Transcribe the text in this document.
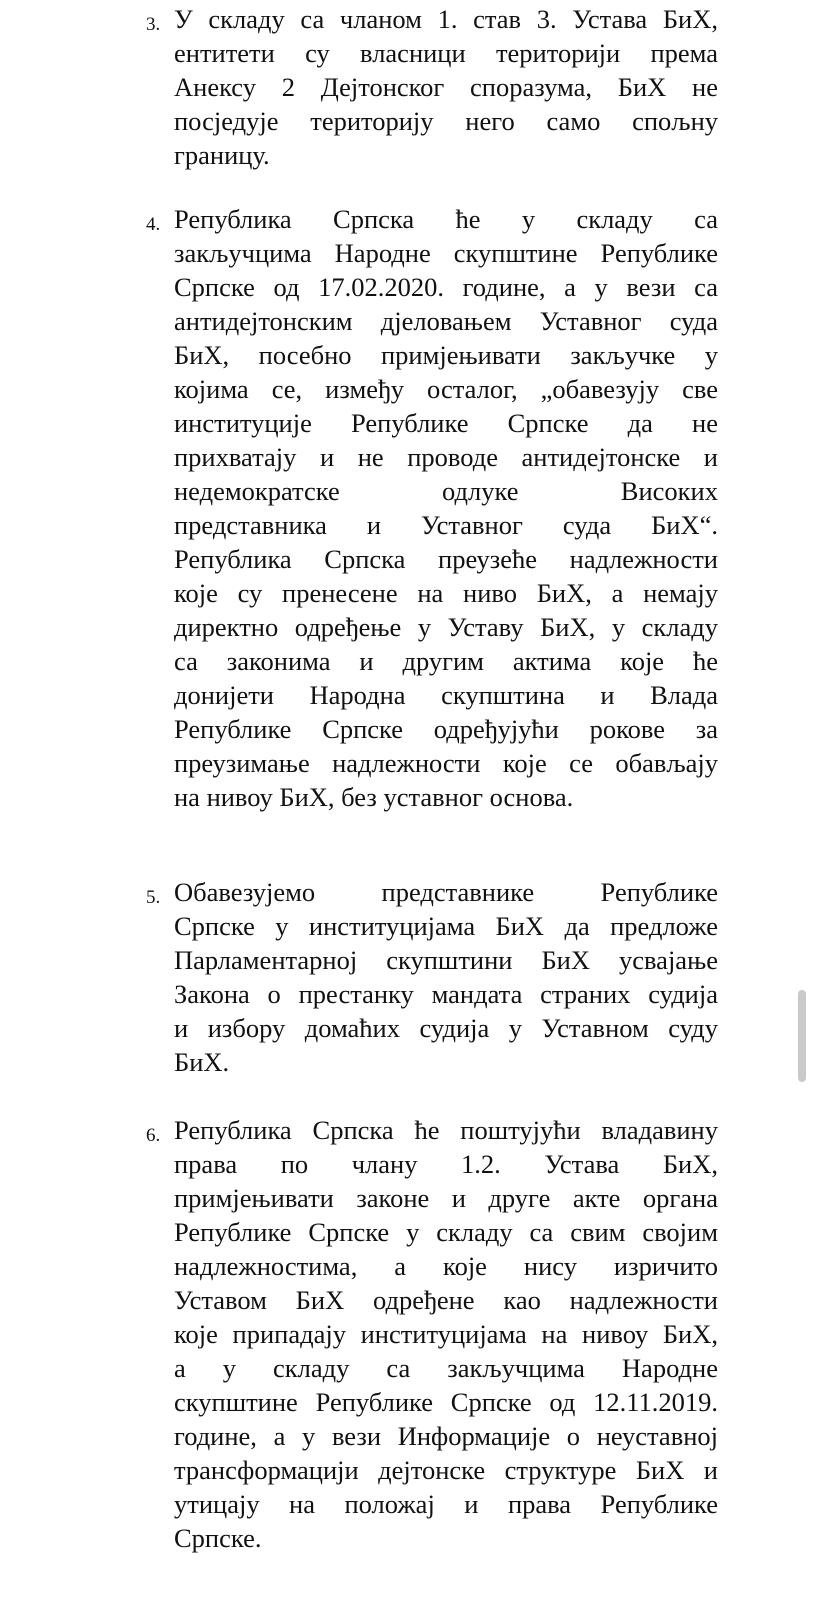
3. У складу са чланом 1. став 3. Устава БиХ,
ентитети су власници територији према
Анексу 2 Дејтонског споразума, БиХ не
посједује територију него само спољну
границу.
4. Република Српска ће у складу са
закључцима Народне скупштине Републике
Српске од 17.02.2020. године, а у вези са
антидејтонским дјеловањем Уставног суда
БиХ, посебно примјењивати закључке у
којима се, између осталог, „обавезују све
институције Републике Српске да не
прихватају и не проводе антидејтонске и
недемократске одлуке Високих
представника и Уставног суда БиХ“.
Република Српска преузеће надлежности
које су пренесене на ниво БиХ, а немају
директно одређење у Уставу БиХ, у складу
са законима и другим актима које ће
донијети Народна скупштина и Влада
Републике Српске одређујући рокове за
преузимање надлежности које се обављају
на нивоу БиХ, без уставног основа.
5. Обавезујемо представнике Републике
Српске у институцијама БиХ да предложе
Парламентарној скупштини БиХ усвајање
Закона о престанку мандата страних судија
и избору домаћих судија у Уставном суду
БиХ.
6. Република Српска ће поштујући владавину
права по члану 1.2. Устава БиХ,
примјењивати законе и друге акте органа
Републике Српске у складу са свим својим
надлежностима, а које нису изричито
Уставом БиХ одређене као надлежности
које припадају институцијама на нивоу БиХ,
а у складу са закључцима Народне
скупштине Републике Српске од 12.11.2019.
године, а у вези Информације о неуставној
трансформацији дејтонске структуре БиХ и
утицају на положај и права Републике
Српске.
